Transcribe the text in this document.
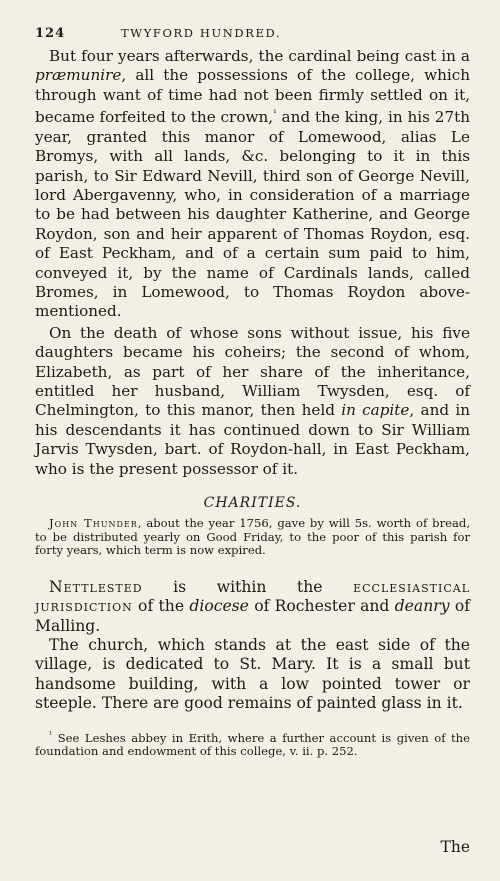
124	TWYFORD HUNDRED.

But four years afterwards, the cardinal being cast in a præmunire, all the possessions of the college, which through want of time had not been firmly settled on it, became forfeited to the crown,$^{^1}$ and the king, in his 27th year, granted this manor of Lomewood, alias Le Bromys, with all lands, &c. belonging to it in this parish, to Sir Edward Nevill, third son of George Nevill, lord Abergavenny, who, in consideration of a marriage to be had between his daughter Katherine, and George Roydon, son and heir apparent of Thomas Roydon, esq. of East Peckham, and of a certain sum paid to him, conveyed it, by the name of Cardinals lands, called Bromes, in Lomewood, to Thomas Roydon above-mentioned.

On the death of whose sons without issue, his five daughters became his coheirs; the second of whom, Elizabeth, as part of her share of the inheritance, entitled her husband, William Twysden, esq. of Chelmington, to this manor, then held in capite, and in his descendants it has continued down to Sir William Jarvis Twysden, bart. of Roydon-hall, in East Peckham, who is the present possessor of it.

CHARITIES.

John Thunder, about the year 1756, gave by will 5s. worth of bread, to be distributed yearly on Good Friday, to the poor of this parish for forty years, which term is now expired.

Nettlested is within the ecclesiastical jurisdiction of the diocese of Rochester and deanry of Malling.

The church, which stands at the east side of the village, is dedicated to St. Mary. It is a small but handsome building, with a low pointed tower or steeple. There are good remains of painted glass in it.

$^{^1}$ See Leshes abbey in Erith, where a further account is given of the foundation and endowment of this college, v. ii. p. 252.

The
